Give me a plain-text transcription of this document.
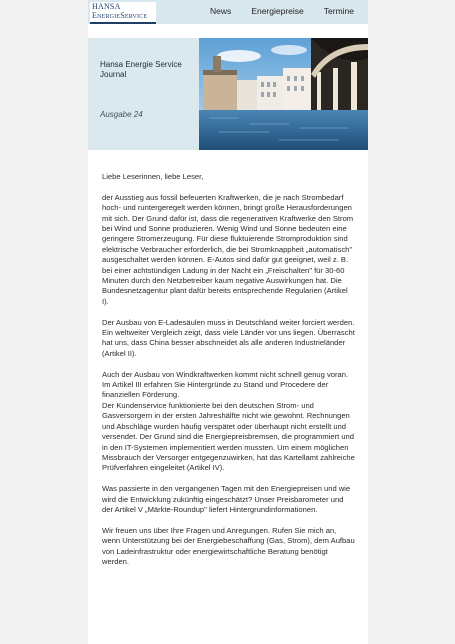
HANSA
EnergieService	News Energiepreise Termine
Hansa Energie Service Journal
Ausgabe 24

Liebe Leserinnen, liebe Leser,

der Ausstieg aus fossil befeuerten Kraftwerken, die je nach Strombedarf hoch- und runtergeregelt werden können, bringt große Herausforderungen mit sich. Der Grund dafür ist, dass die regenerativen Kraftwerke den Strom bei Wind und Sonne produzieren. Wenig Wind und Sonne bedeuten eine geringere Stromerzeugung. Für diese fluktuierende Stromproduktion sind elektrische Verbraucher erforderlich, die bei Stromknappheit „automatisch" ausgeschaltet werden können. E-Autos sind dafür gut geeignet, weil z. B. bei einer achtstündigen Ladung in der Nacht ein „Freischalten" für 30-60 Minuten durch den Netzbetreiber kaum negative Auswirkungen hat. Die Bundesnetzagentur plant dafür bereits entsprechende Regularien (Artikel I).

Der Ausbau von E-Ladesäulen muss in Deutschland weiter forciert werden. Ein weltweiter Vergleich zeigt, dass viele Länder vor uns liegen. Überrascht hat uns, dass China besser abschneidet als alle anderen Industrieländer (Artikel II).

Auch der Ausbau von Windkraftwerken kommt nicht schnell genug voran. Im Artikel III erfahren Sie Hintergründe zu Stand und Procedere der finanziellen Förderung.
Der Kundenservice funktionierte bei den deutschen Strom- und Gasversorgern in der ersten Jahreshälfte nicht wie gewohnt. Rechnungen und Abschläge wurden häufig verspätet oder überhaupt nicht erstellt und versendet. Der Grund sind die Energiepreisbremsen, die programmiert und in den IT-Systemen implementiert werden mussten. Um einem möglichen Missbrauch der Versorger entgegenzuwirken, hat das Kartellamt zahlreiche Prüfverfahren eingeleitet (Artikel IV).

Was passierte in den vergangenen Tagen mit den Energiepreisen und wie wird die Entwicklung zukünftig eingeschätzt? Unser Preisbarometer und der Artikel V „Märkte-Roundup" liefert Hintergrundinformationen.

Wir freuen uns über Ihre Fragen und Anregungen. Rufen Sie mich an, wenn Unterstützung bei der Energiebeschaffung (Gas, Strom), dem Aufbau von Ladeinfrastruktur oder energiewirtschaftliche Beratung benötigt werden.
